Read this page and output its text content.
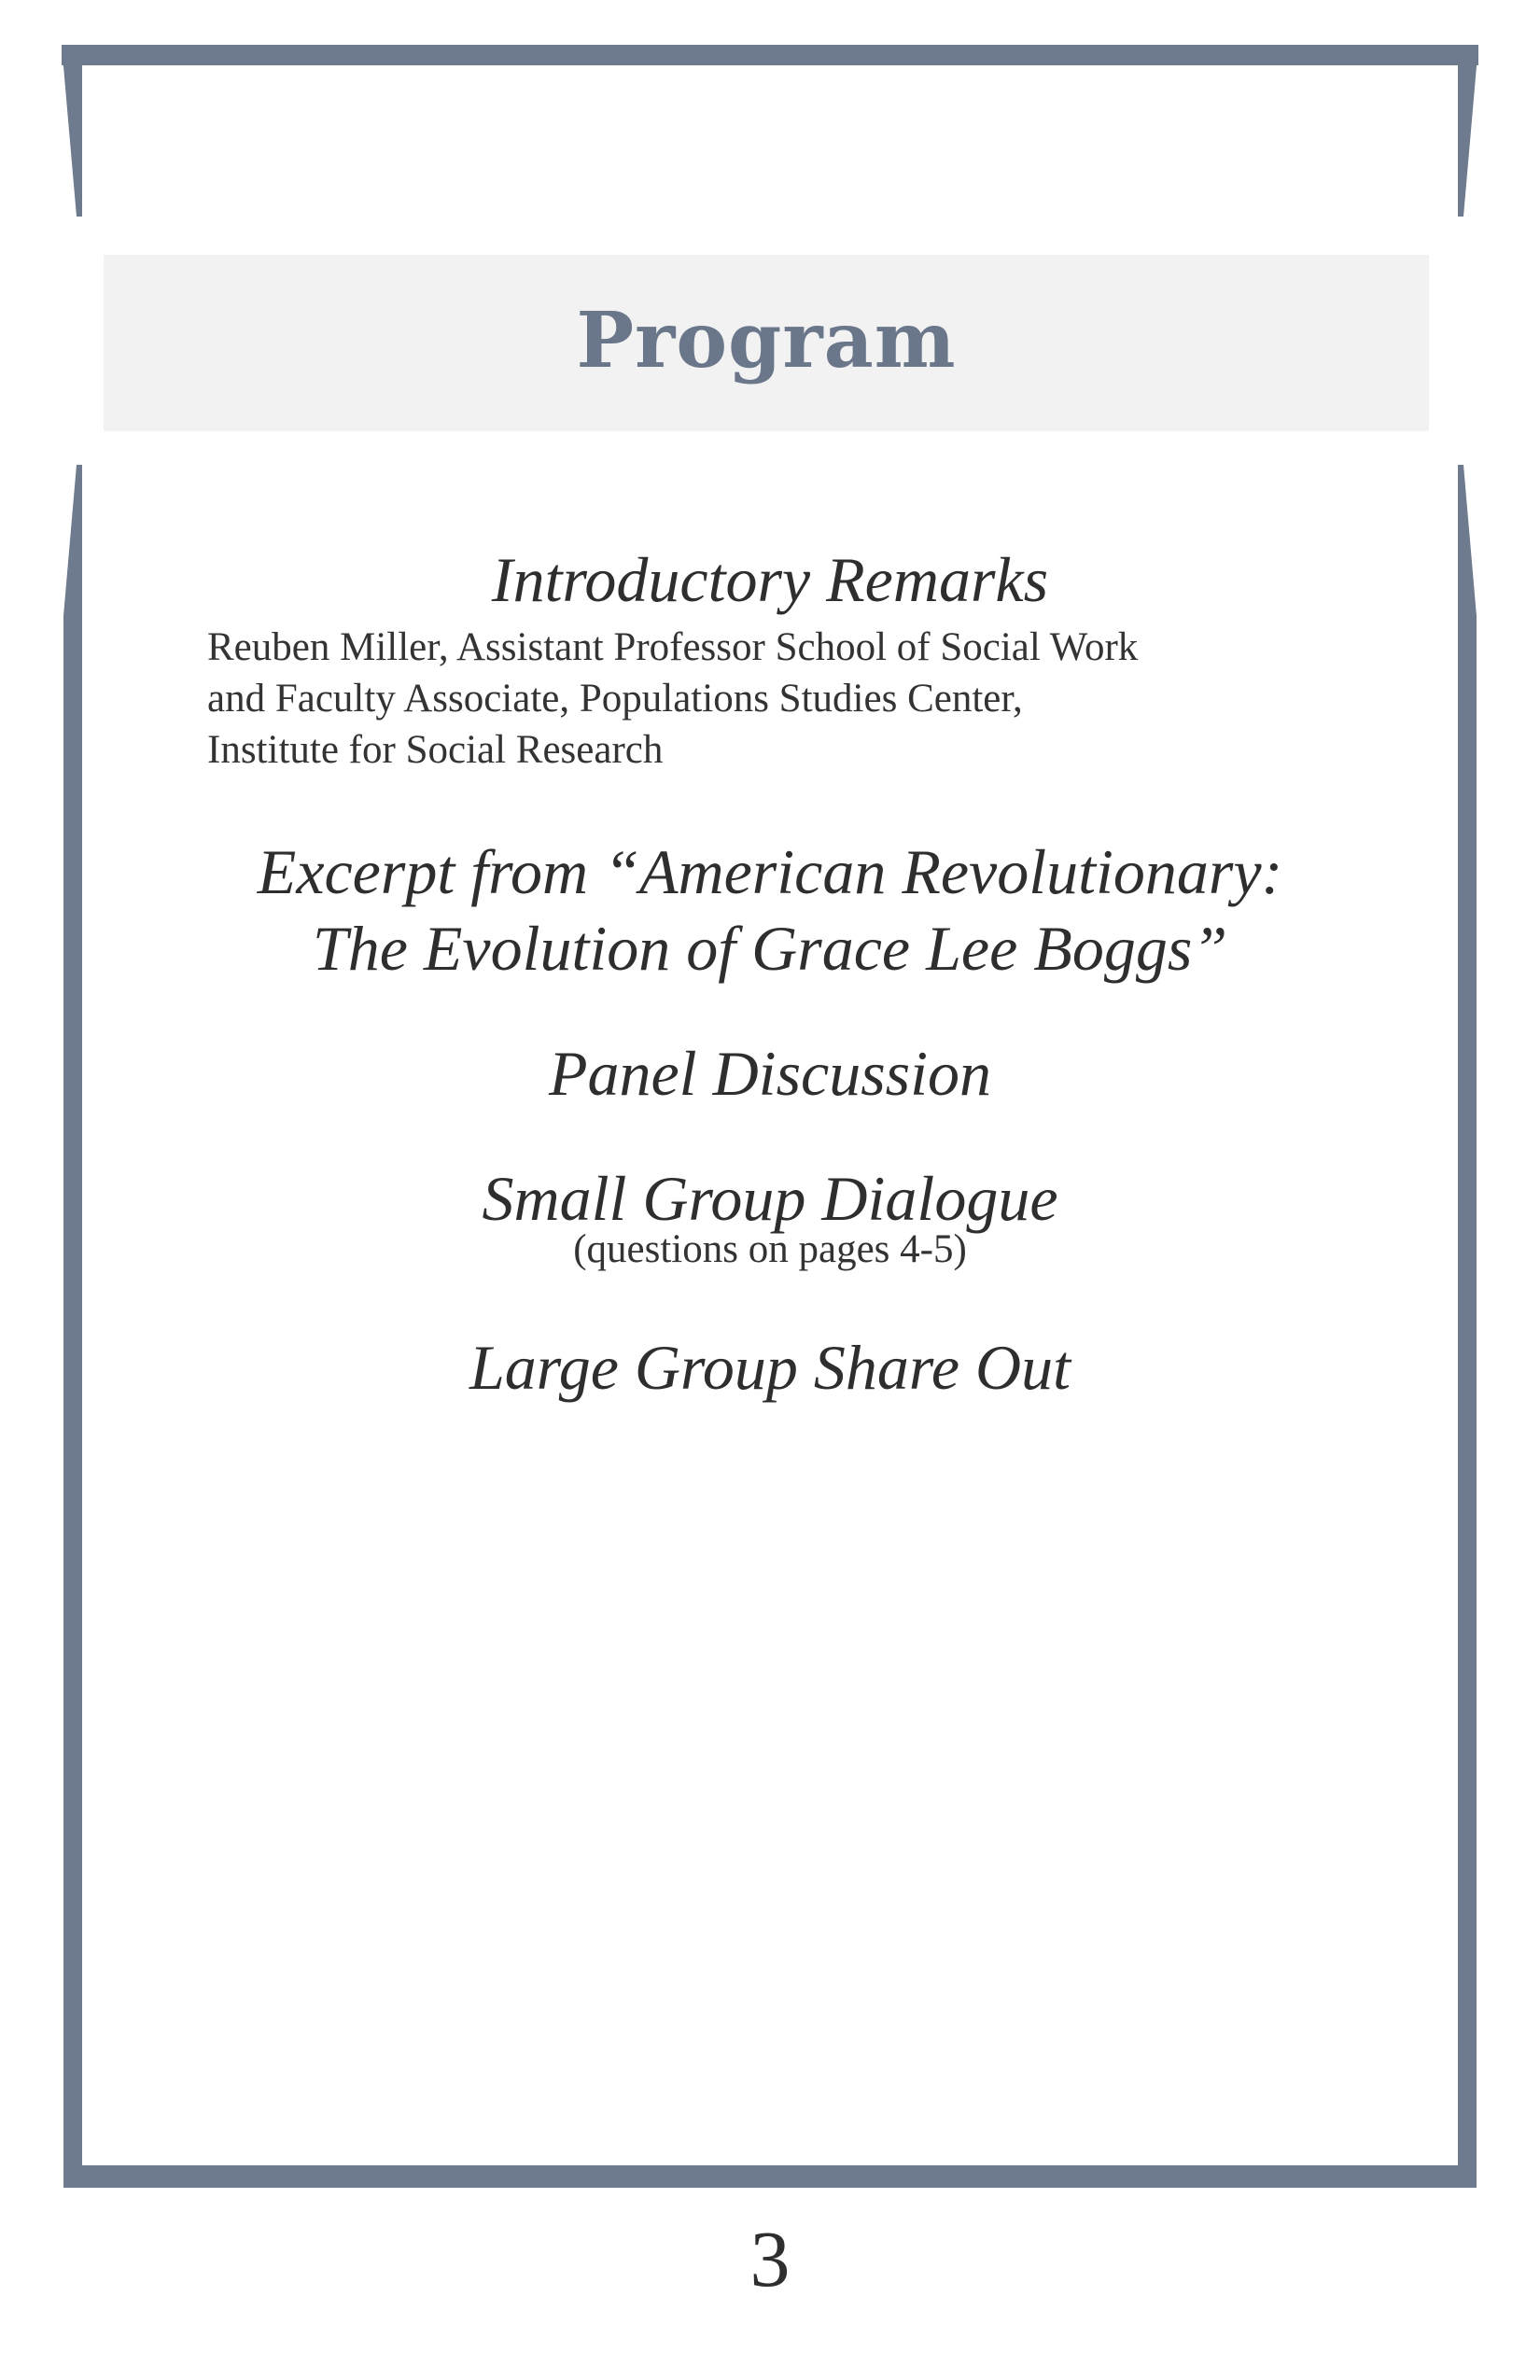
Program

Introductory Remarks

Reuben Miller, Assistant Professor School of Social Work
and Faculty Associate, Populations Studies Center,
Institute for Social Research

Excerpt from “American Revolutionary:

The Evolution of Grace Lee Boggs”

Panel Discussion

Small Group Dialogue

(questions on pages 4-5)

Large Group Share Out

3
